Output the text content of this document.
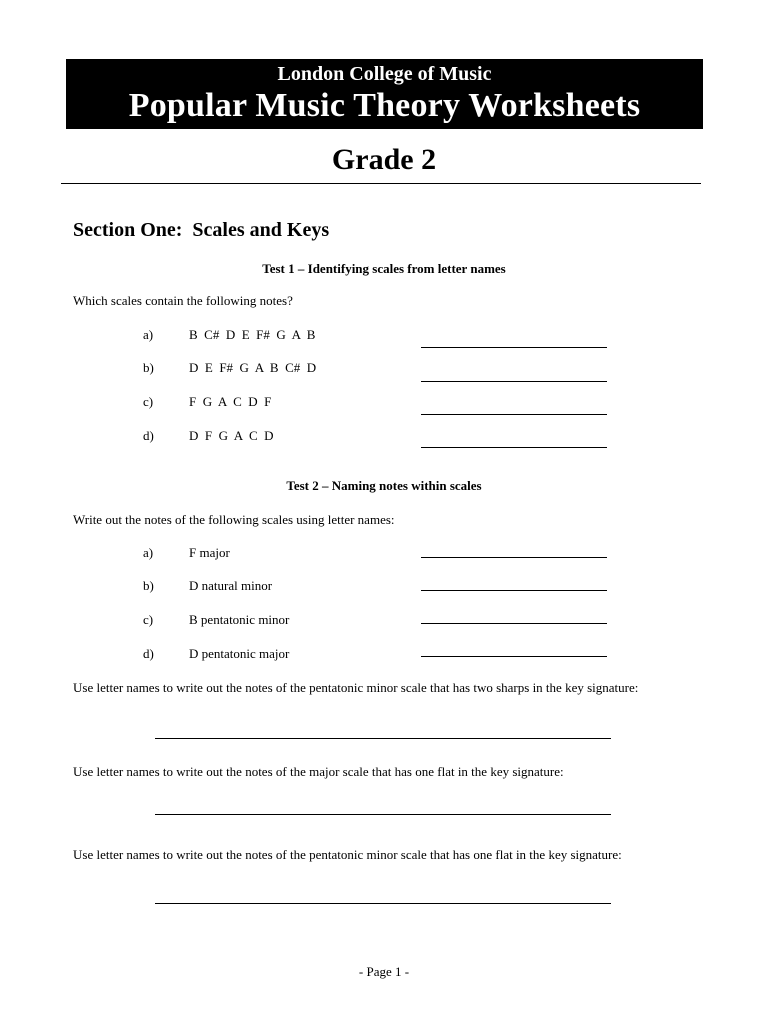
London College of Music
Popular Music Theory Worksheets
Grade 2
Section One:  Scales and Keys
Test 1 – Identifying scales from letter names
Which scales contain the following notes?
a)	B  C#  D  E  F#  G  A  B
b)	D  E  F#  G  A  B  C#  D
c)	F  G  A  C  D  F
d)	D  F  G  A  C  D
Test 2 – Naming notes within scales
Write out the notes of the following scales using letter names:
a)	F major
b)	D natural minor
c)	B pentatonic minor
d)	D pentatonic major
Use letter names to write out the notes of the pentatonic minor scale that has two sharps in the key signature:
Use letter names to write out the notes of the major scale that has one flat in the key signature:
Use letter names to write out the notes of the pentatonic minor scale that has one flat in the key signature:
- Page 1 -
